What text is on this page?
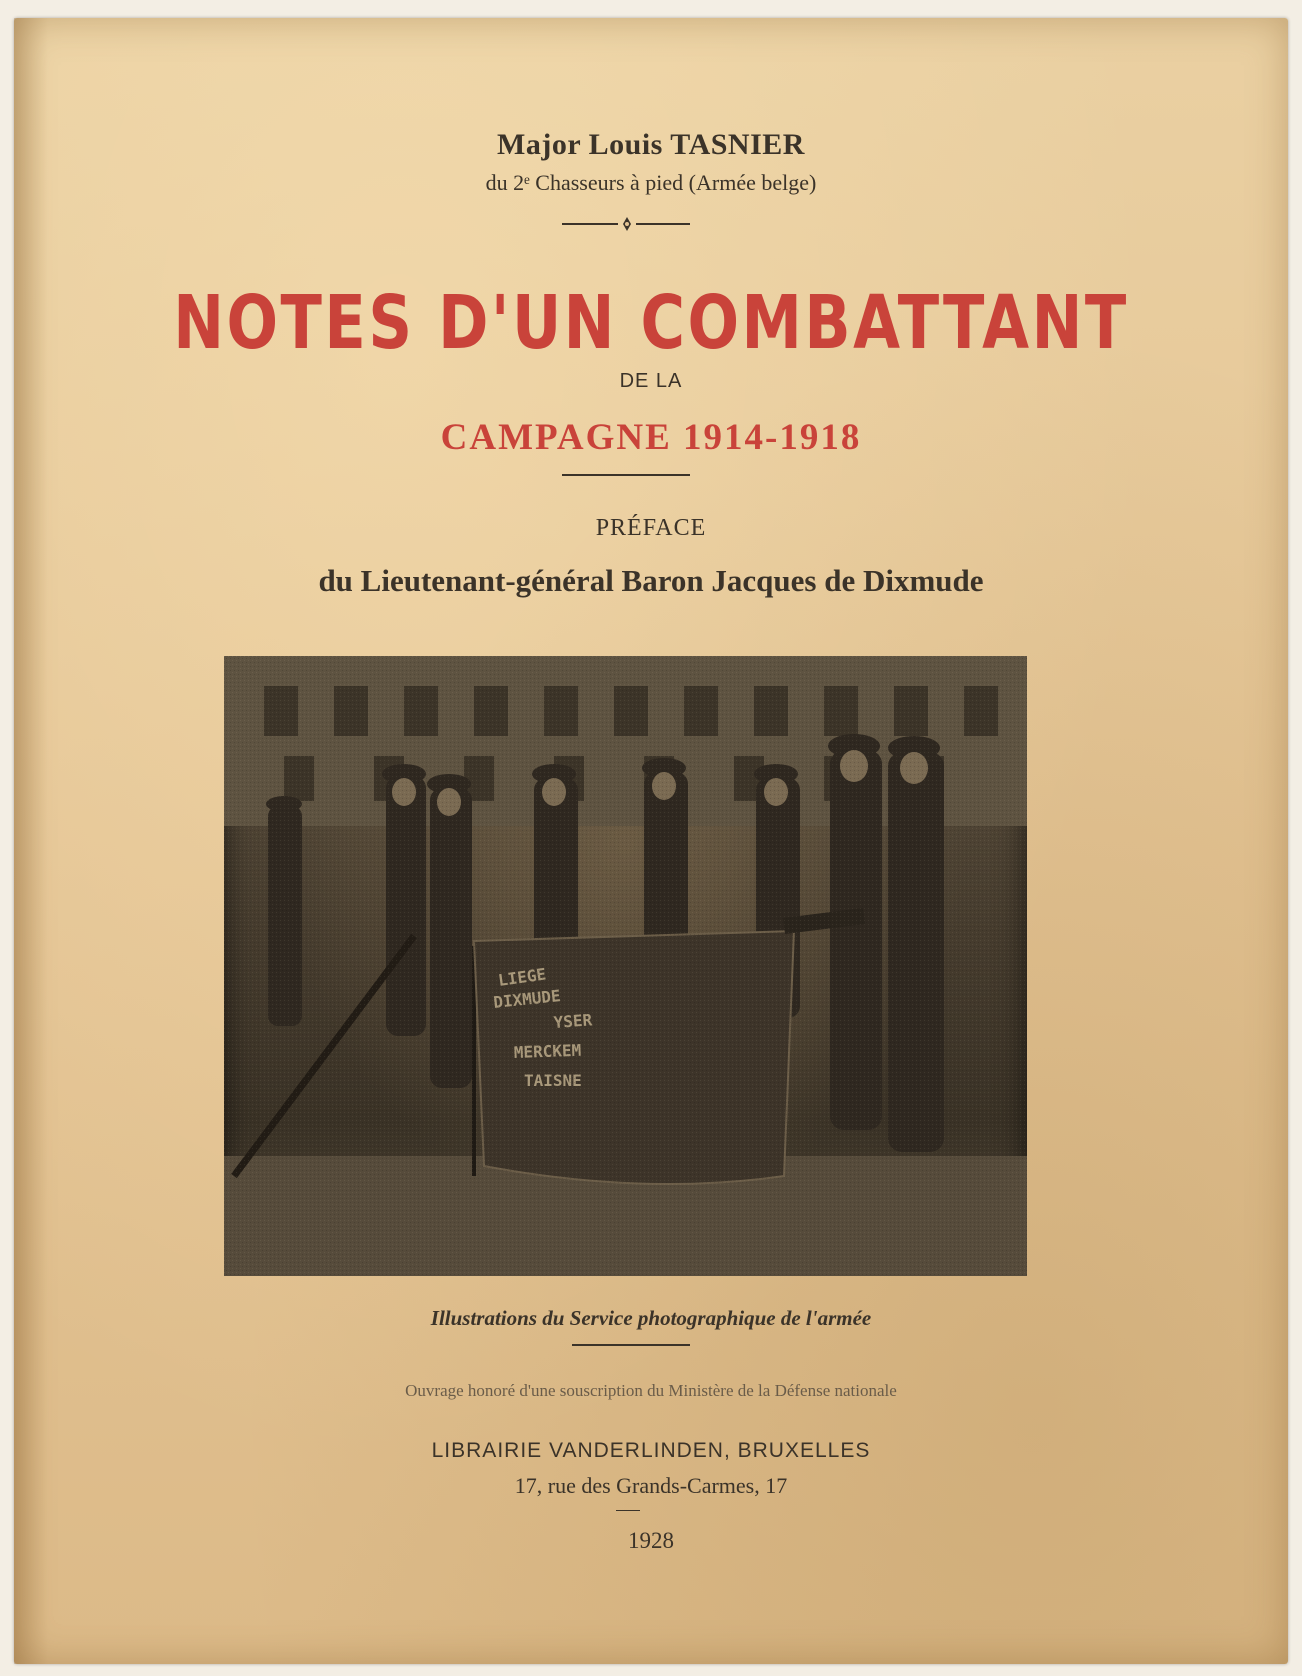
Major Louis TASNIER
du 2ᵉ Chasseurs à pied (Armée belge)
NOTES D'UN COMBATTANT
DE LA
CAMPAGNE 1914-1918
PRÉFACE
du Lieutenant-général Baron Jacques de Dixmude
Illustrations du Service photographique de l'armée
Ouvrage honoré d'une souscription du Ministère de la Défense nationale
LIBRAIRIE VANDERLINDEN, BRUXELLES
17, rue des Grands-Carmes, 17
1928
